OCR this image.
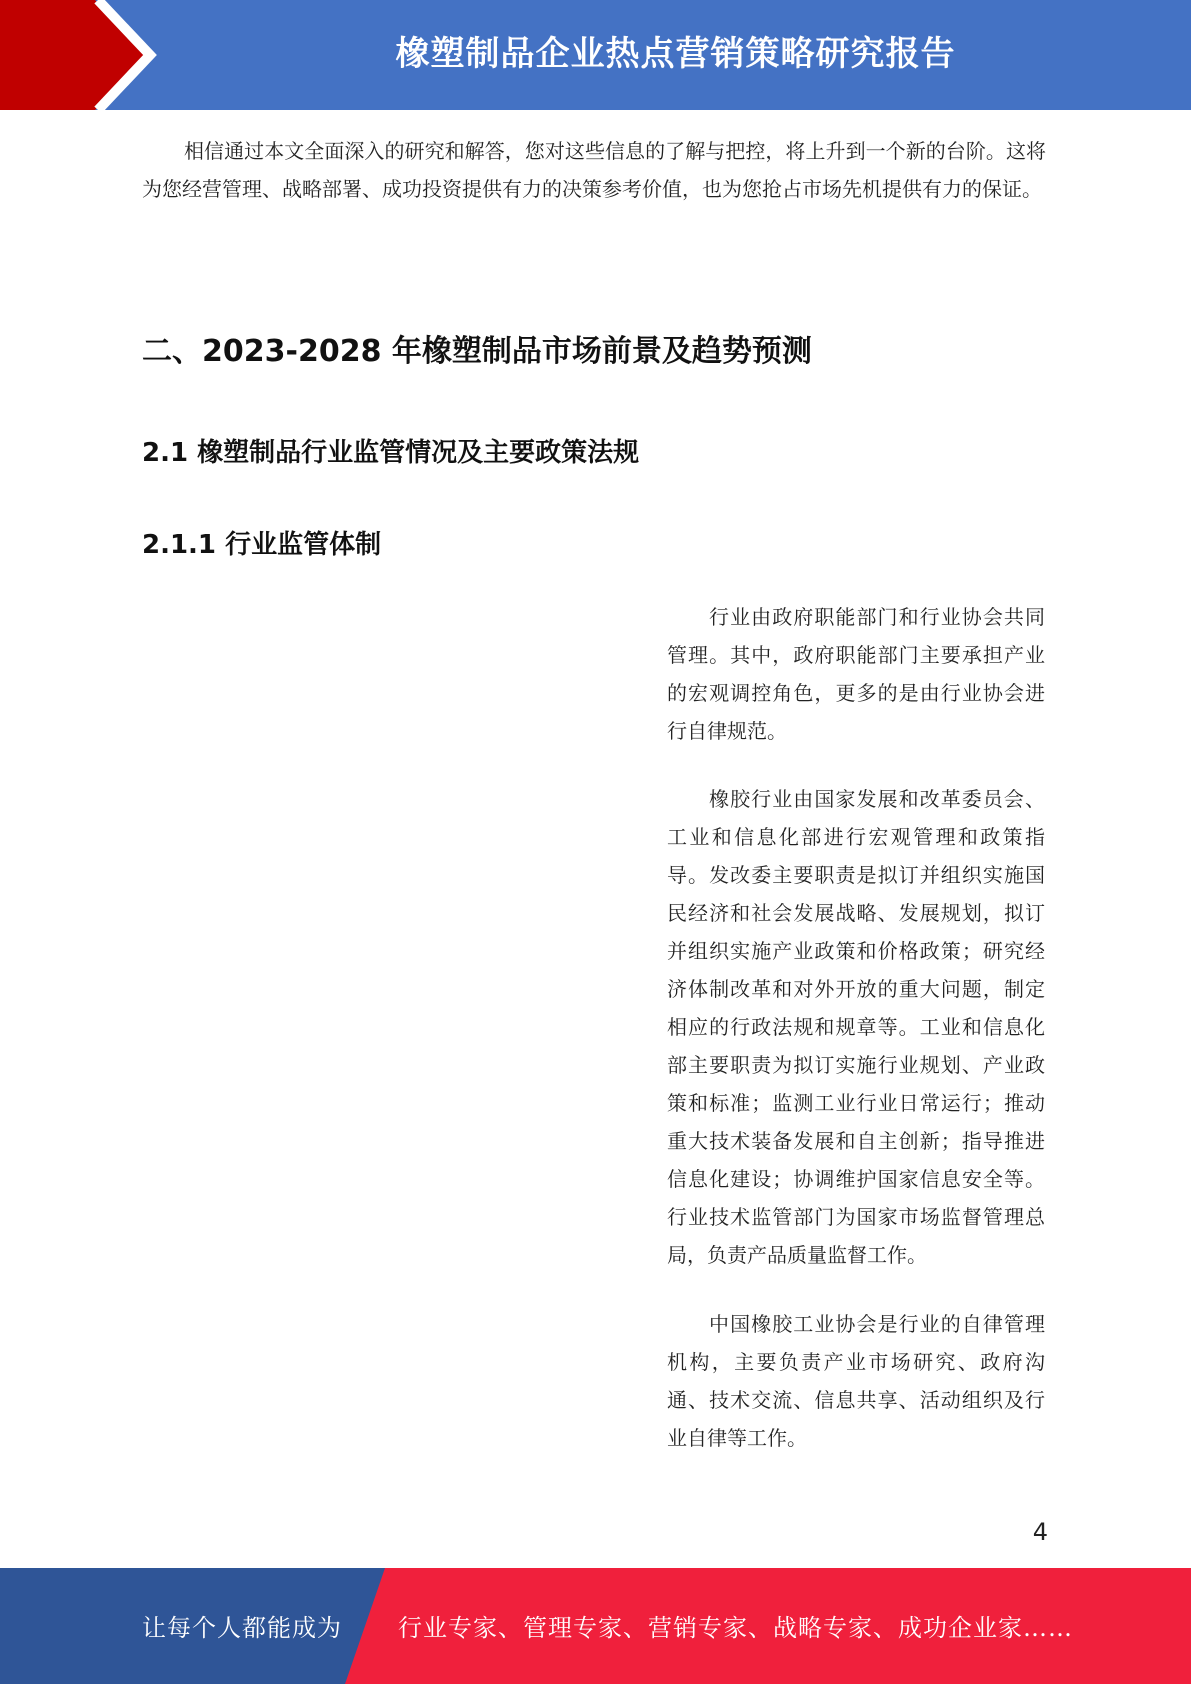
橡塑制品企业热点营销策略研究报告

相信通过本文全面深入的研究和解答，您对这些信息的了解与把控，将上升到一个新的台阶。这将为您经营管理、战略部署、成功投资提供有力的决策参考价值，也为您抢占市场先机提供有力的保证。

二、2023-2028 年橡塑制品市场前景及趋势预测
2.1 橡塑制品行业监管情况及主要政策法规
2.1.1 行业监管体制

行业由政府职能部门和行业协会共同管理。其中，政府职能部门主要承担产业的宏观调控角色，更多的是由行业协会进行自律规范。

橡胶行业由国家发展和改革委员会、工业和信息化部进行宏观管理和政策指导。发改委主要职责是拟订并组织实施国民经济和社会发展战略、发展规划，拟订并组织实施产业政策和价格政策；研究经济体制改革和对外开放的重大问题，制定相应的行政法规和规章等。工业和信息化部主要职责为拟订实施行业规划、产业政策和标准；监测工业行业日常运行；推动重大技术装备发展和自主创新；指导推进信息化建设；协调维护国家信息安全等。行业技术监管部门为国家市场监督管理总局，负责产品质量监督工作。

中国橡胶工业协会是行业的自律管理机构，主要负责产业市场研究、政府沟通、技术交流、信息共享、活动组织及行业自律等工作。

4
让每个人都能成为 行业专家、管理专家、营销专家、战略专家、成功企业家……
